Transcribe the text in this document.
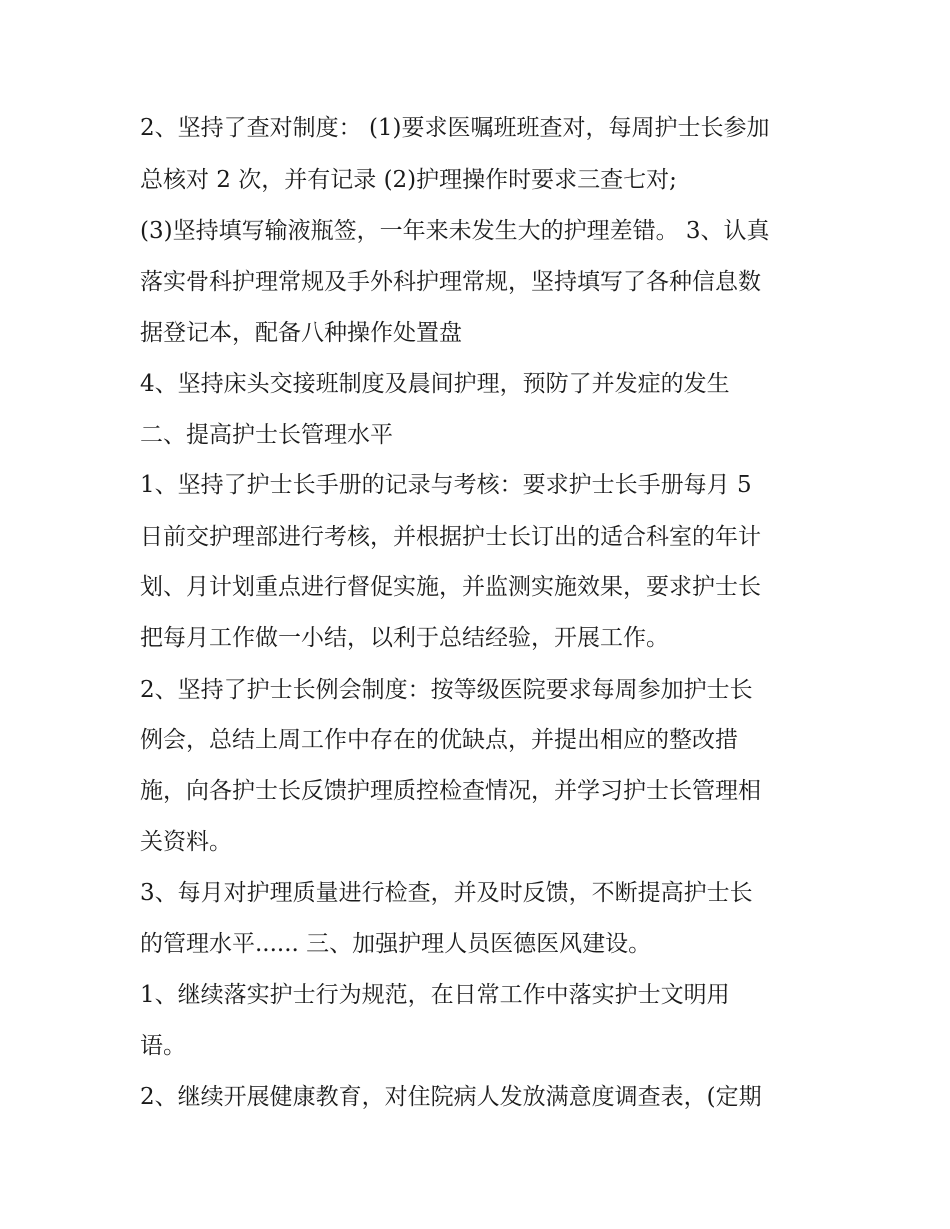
2、坚持了查对制度： (1)要求医嘱班班查对，每周护士长参加
总核对 2 次，并有记录 (2)护理操作时要求三查七对;
(3)坚持填写输液瓶签，一年来未发生大的护理差错。 3、认真
落实骨科护理常规及手外科护理常规，坚持填写了各种信息数
据登记本，配备八种操作处置盘
4、坚持床头交接班制度及晨间护理，预防了并发症的发生
二、提高护士长管理水平
1、坚持了护士长手册的记录与考核：要求护士长手册每月 5
日前交护理部进行考核，并根据护士长订出的适合科室的年计
划、月计划重点进行督促实施，并监测实施效果，要求护士长
把每月工作做一小结，以利于总结经验，开展工作。
2、坚持了护士长例会制度：按等级医院要求每周参加护士长
例会，总结上周工作中存在的优缺点，并提出相应的整改措
施，向各护士长反馈护理质控检查情况，并学习护士长管理相
关资料。
3、每月对护理质量进行检查，并及时反馈，不断提高护士长
的管理水平...... 三、加强护理人员医德医风建设。
1、继续落实护士行为规范，在日常工作中落实护士文明用
语。
2、继续开展健康教育，对住院病人发放满意度调查表，(定期
